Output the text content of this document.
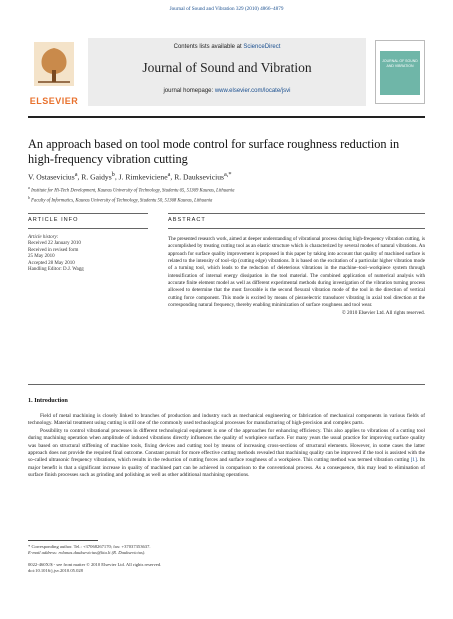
Journal of Sound and Vibration 329 (2010) 4866–4879
ELSEVIER
Contents lists available at ScienceDirect
Journal of Sound and Vibration
journal homepage: www.elsevier.com/locate/jsvi
JOURNAL OF SOUND AND VIBRATION
An approach based on tool mode control for surface roughness reduction in high-frequency vibration cutting
V. Ostasevicius$^a$, R. Gaidys$^b$, J. Rimkeviciene$^a$, R. Dauksevicius$^{a,*}$
$^a$ Institute for Hi-Tech Development, Kaunas University of Technology, Studentu 65, 51369 Kaunas, Lithuania
$^b$ Faculty of Informatics, Kaunas University of Technology, Studentu 50, 51368 Kaunas, Lithuania
ARTICLE INFO	ABSTRACT
Article history:
Received 22 January 2010
Received in revised form
25 May 2010
Accepted 28 May 2010
Handling Editor: D.J. Wagg
The presented research work, aimed at deeper understanding of vibrational process during high-frequency vibration cutting, is accomplished by treating cutting tool as an elastic structure which is characterized by several modes of natural vibrations. An approach for surface quality improvement is proposed in this paper by taking into account that quality of machined surface is related to the intensity of tool–tip (cutting edge) vibrations. It is based on the excitation of a particular higher vibration mode of a turning tool, which leads to the reduction of deleterious vibrations in the machine–tool–workpiece system through intensification of internal energy dissipation in the tool material. The combined application of numerical analysis with accurate finite element model as well as different experimental methods during investigation of the vibration turning process allowed to determine that the most favorable is the second flexural vibration mode of the tool in the direction of vertical cutting force component. This mode is excited by means of piezoelectric transducer vibrating in axial tool direction at the corresponding natural frequency, thereby enabling minimization of surface roughness and tool wear.
© 2010 Elsevier Ltd. All rights reserved.
1. Introduction

Field of metal machining is closely linked to branches of production and industry such as mechanical engineering or fabrication of mechanical components in various fields of technology. Material treatment using cutting is still one of the commonly used technological processes for manufacturing of high-precision and complex parts.

Possibility to control vibrational processes in different technological equipment is one of the approaches for enhancing efficiency. This also applies to vibrations of a cutting tool during machining operation when amplitude of induced vibrations directly influences the quality of workpiece surface. For many years the usual practice for improving surface quality was based on structural stiffening of machine tools, fixing devices and cutting tool by means of increasing cross-sections of structural elements. However, in some cases the latter approach does not provide the required final outcome. Constant pursuit for more effective cutting methods revealed that machining quality can be improved if the tool is assisted with the so-called ultrasonic frequency vibrations, which results in the reduction of cutting forces and surface roughness of a workpiece. This cutting method was termed vibration cutting [1]. Its major benefit is that a significant increase in quality of machined part can be achieved in comparison to the conventional process. As a consequence, this may lead to elimination of surface finish processes such as grinding and polishing as well as other additional machining operations.

* Corresponding author. Tel.: +37068267170; fax: +37037353637.
E-mail address: rolanas.dauksevicius@ktu.lt (R. Dauksevicius).
0022-460X/$ - see front matter © 2010 Elsevier Ltd. All rights reserved.
doi:10.1016/j.jsv.2010.05.028
